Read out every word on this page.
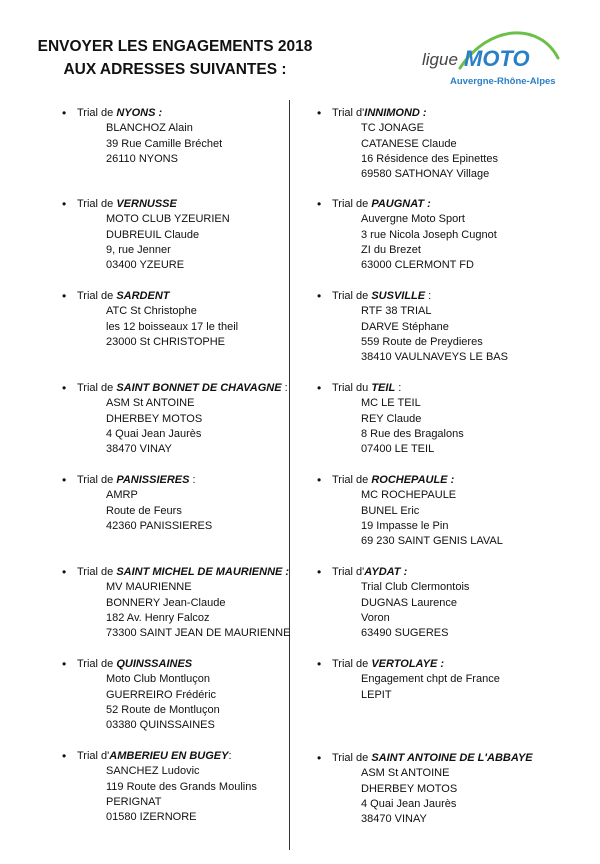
ENVOYER LES ENGAGEMENTS 2018
AUX ADRESSES SUIVANTES :
ligue MOTO
Auvergne-Rhône-Alpes
• Trial de NYONS :
BLANCHOZ Alain
39 Rue Camille Bréchet
26110 NYONS
• Trial de VERNUSSE
MOTO CLUB YZEURIEN
DUBREUIL Claude
9, rue Jenner
03400 YZEURE
• Trial de SARDENT
ATC St Christophe
les 12 boisseaux 17 le theil
23000 St CHRISTOPHE
• Trial de SAINT BONNET DE CHAVAGNE :
ASM St ANTOINE
DHERBEY MOTOS
4 Quai Jean Jaurès
38470 VINAY
• Trial de PANISSIERES :
AMRP
Route de Feurs
42360 PANISSIERES
• Trial de SAINT MICHEL DE MAURIENNE :
MV MAURIENNE
BONNERY Jean-Claude
182 Av. Henry Falcoz
73300 SAINT JEAN DE MAURIENNE
• Trial de QUINSSAINES
Moto Club Montluçon
GUERREIRO Frédéric
52 Route de Montluçon
03380 QUINSSAINES
• Trial d'AMBERIEU EN BUGEY:
SANCHEZ Ludovic
119 Route des Grands Moulins
PERIGNAT
01580 IZERNORE
• Trial d'INNIMOND :
TC JONAGE
CATANESE Claude
16 Résidence des Epinettes
69580 SATHONAY Village
• Trial de PAUGNAT :
Auvergne Moto Sport
3 rue Nicola Joseph Cugnot
ZI du Brezet
63000 CLERMONT FD
• Trial de SUSVILLE :
RTF 38 TRIAL
DARVE Stéphane
559 Route de Preydieres
38410 VAULNAVEYS LE BAS
• Trial du TEIL :
MC LE TEIL
REY Claude
8 Rue des Bragalons
07400 LE TEIL
• Trial de ROCHEPAULE :
MC ROCHEPAULE
BUNEL Eric
19 Impasse le Pin
69 230 SAINT GENIS LAVAL
• Trial d'AYDAT :
Trial Club Clermontois
DUGNAS Laurence
Voron
63490 SUGERES
• Trial de VERTOLAYE :
Engagement chpt de France
LEPIT
• Trial de SAINT ANTOINE DE L'ABBAYE
ASM St ANTOINE
DHERBEY MOTOS
4 Quai Jean Jaurès
38470 VINAY
